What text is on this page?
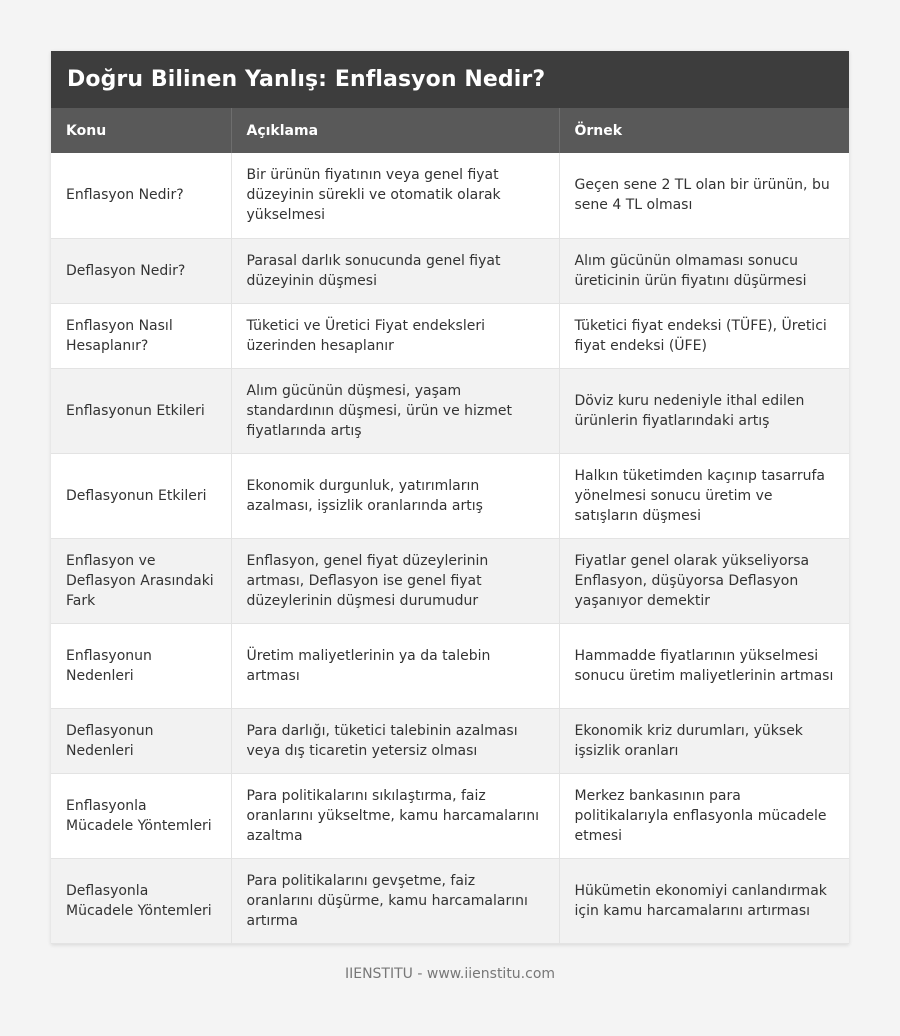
Doğru Bilinen Yanlış: Enflasyon Nedir?
Konu	Açıklama	Örnek
Enflasyon Nedir?	Bir ürünün fiyatının veya genel fiyat düzeyinin sürekli ve otomatik olarak yükselmesi	Geçen sene 2 TL olan bir ürünün, bu sene 4 TL olması
Deflasyon Nedir?	Parasal darlık sonucunda genel fiyat düzeyinin düşmesi	Alım gücünün olmaması sonucu üreticinin ürün fiyatını düşürmesi
Enflasyon Nasıl Hesaplanır?	Tüketici ve Üretici Fiyat endeksleri üzerinden hesaplanır	Tüketici fiyat endeksi (TÜFE), Üretici fiyat endeksi (ÜFE)
Enflasyonun Etkileri	Alım gücünün düşmesi, yaşam standardının düşmesi, ürün ve hizmet fiyatlarında artış	Döviz kuru nedeniyle ithal edilen ürünlerin fiyatlarındaki artış
Deflasyonun Etkileri	Ekonomik durgunluk, yatırımların azalması, işsizlik oranlarında artış	Halkın tüketimden kaçınıp tasarrufa yönelmesi sonucu üretim ve satışların düşmesi
Enflasyon ve Deflasyon Arasındaki Fark	Enflasyon, genel fiyat düzeylerinin artması, Deflasyon ise genel fiyat düzeylerinin düşmesi durumudur	Fiyatlar genel olarak yükseliyorsa Enflasyon, düşüyorsa Deflasyon yaşanıyor demektir
Enflasyonun Nedenleri	Üretim maliyetlerinin ya da talebin artması	Hammadde fiyatlarının yükselmesi sonucu üretim maliyetlerinin artması
Deflasyonun Nedenleri	Para darlığı, tüketici talebinin azalması veya dış ticaretin yetersiz olması	Ekonomik kriz durumları, yüksek işsizlik oranları
Enflasyonla Mücadele Yöntemleri	Para politikalarını sıkılaştırma, faiz oranlarını yükseltme, kamu harcamalarını azaltma	Merkez bankasının para politikalarıyla enflasyonla mücadele etmesi
Deflasyonla Mücadele Yöntemleri	Para politikalarını gevşetme, faiz oranlarını düşürme, kamu harcamalarını artırma	Hükümetin ekonomiyi canlandırmak için kamu harcamalarını artırması
IIENSTITU - www.iienstitu.com
